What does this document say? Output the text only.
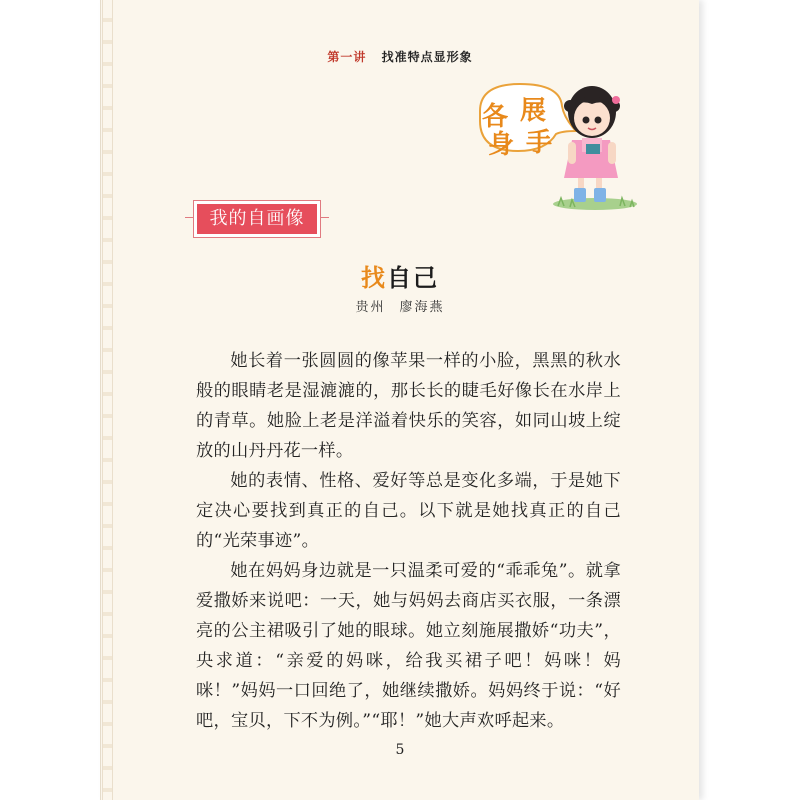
第一讲 找准特点显形象
各 展
身 手
我的自画像
找自己
贵州 廖海燕

她长着一张圆圆的像苹果一样的小脸，黑黑的秋水般的眼睛老是湿漉漉的，那长长的睫毛好像长在水岸上的青草。她脸上老是洋溢着快乐的笑容，如同山坡上绽放的山丹丹花一样。

她的表情、性格、爱好等总是变化多端，于是她下定决心要找到真正的自己。以下就是她找真正的自己的“光荣事迹”。

她在妈妈身边就是一只温柔可爱的“乖乖兔”。就拿爱撒娇来说吧：一天，她与妈妈去商店买衣服，一条漂亮的公主裙吸引了她的眼球。她立刻施展撒娇“功夫”，央求道：“亲爱的妈咪，给我买裙子吧！妈咪！妈咪！”妈妈一口回绝了，她继续撒娇。妈妈终于说：“好吧，宝贝，下不为例。”“耶！”她大声欢呼起来。

5
